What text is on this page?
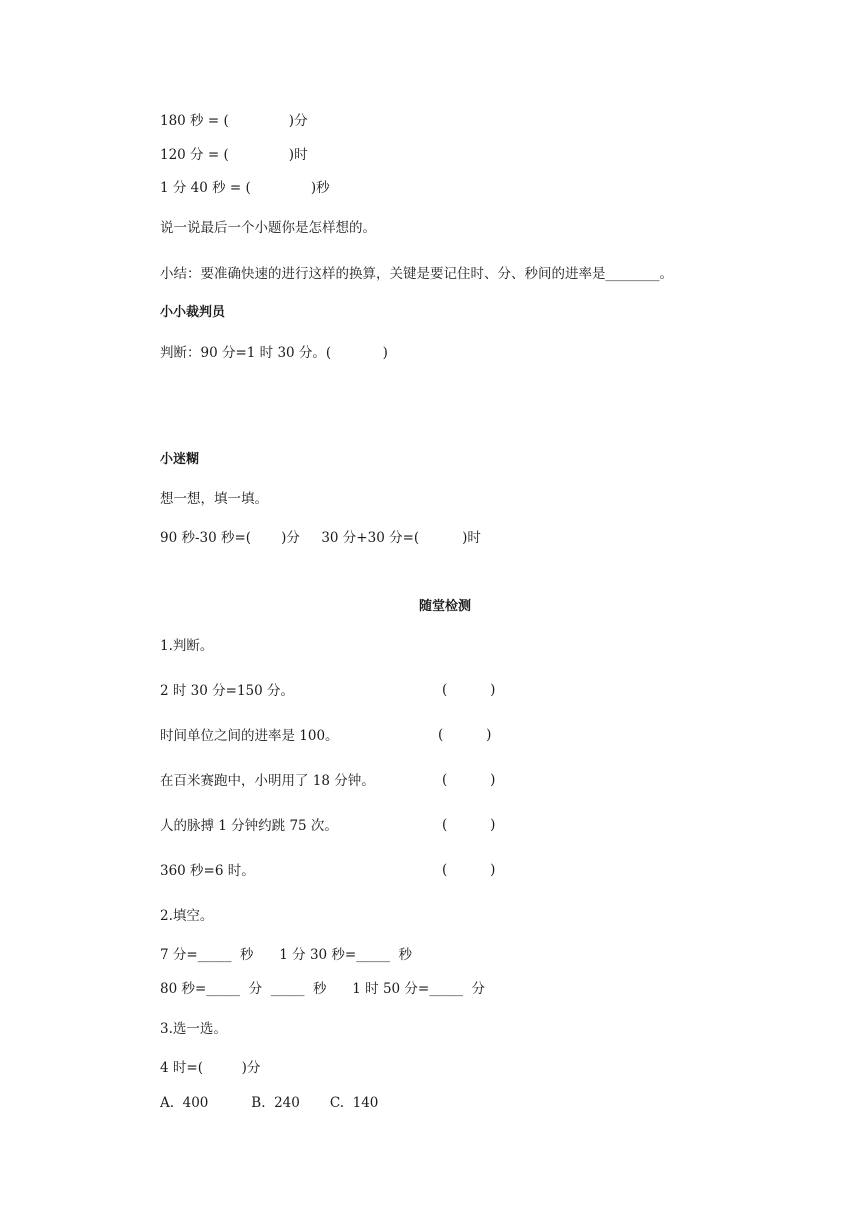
180 秒 = (              )分
120 分 = (              )时
1 分 40 秒 = (              )秒
说一说最后一个小题你是怎样想的。
小结：要准确快速的进行这样的换算，关键是要记住时、分、秒间的进率是________。
小小裁判员
判断：90 分=1 时 30 分。(            )
小迷糊
想一想，填一填。
90 秒-30 秒=(       )分     30 分+30 分=(          )时
随堂检测
1.判断。
2 时 30 分=150 分。	(          )
时间单位之间的进率是 100。	(          )
在百米赛跑中，小明用了 18 分钟。	(          )
人的脉搏 1 分钟约跳 75 次。	(          )
360 秒=6 时。	(          )
2.填空。
7 分=_____  秒      1 分 30 秒=_____  秒
80 秒=_____  分  _____  秒      1 时 50 分=_____  分
3.选一选。
4 时=(         )分
A.  400          B.  240       C.  140
